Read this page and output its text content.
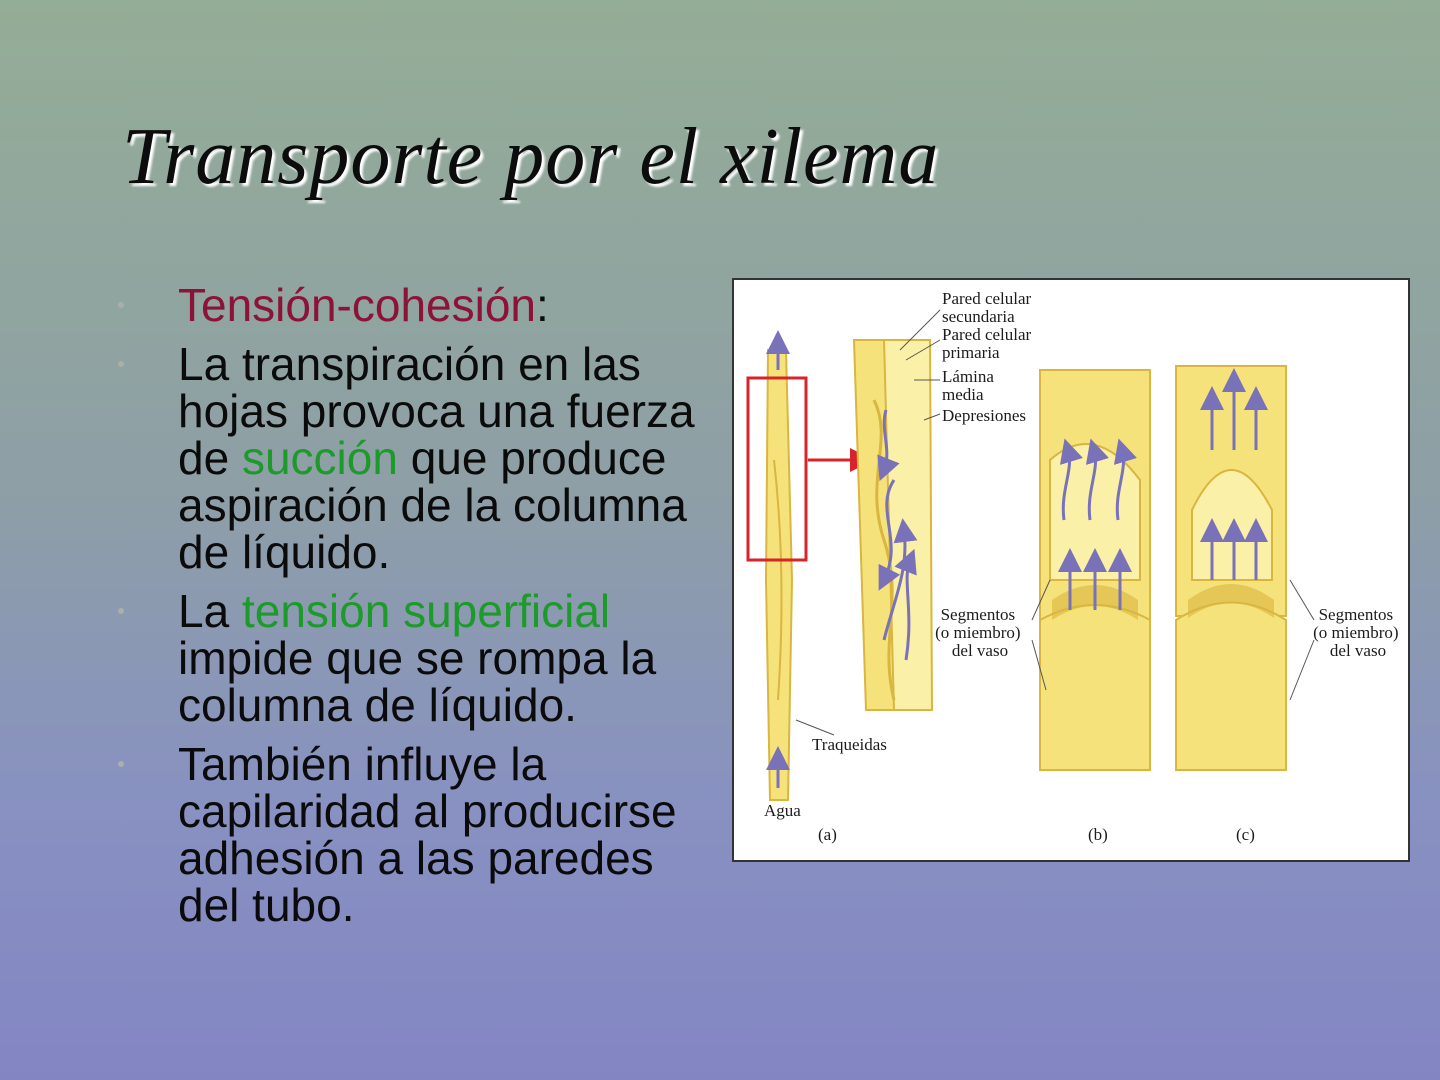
Transporte por el xilema
Tensión-cohesión:
La transpiración en las hojas provoca una fuerza de succión que produce aspiración de la columna de líquido.
La tensión superficial impide que se rompa la columna de líquido.
También influye la capilaridad al producirse adhesión a las paredes del tubo.
Pared celular secundaria
Pared celular primaria
Lámina media
Depresiones
Segmentos (o miembro) del vaso
Segmentos (o miembro) del vaso
Traqueidas
Agua
(a)	(b)	(c)
